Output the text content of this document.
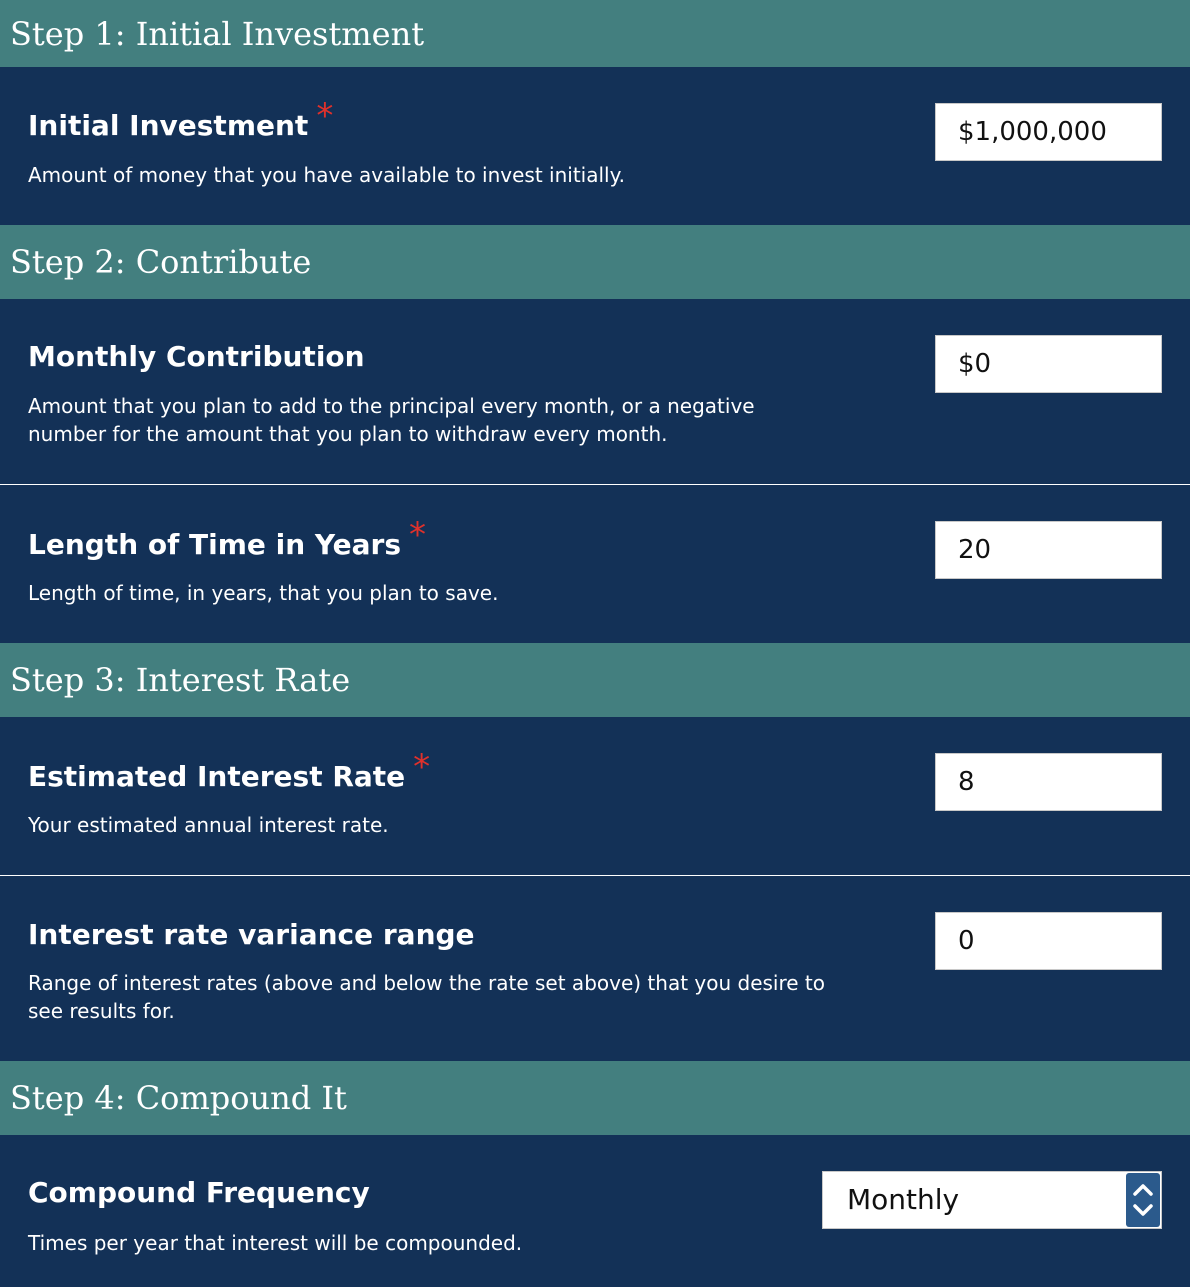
Step 1: Initial Investment
Initial Investment *
Amount of money that you have available to invest initially.
$1,000,000
Step 2: Contribute
Monthly Contribution
Amount that you plan to add to the principal every month, or a negative number for the amount that you plan to withdraw every month.
$0
Length of Time in Years *
Length of time, in years, that you plan to save.
20
Step 3: Interest Rate
Estimated Interest Rate *
Your estimated annual interest rate.
8
Interest rate variance range
Range of interest rates (above and below the rate set above) that you desire to see results for.
0
Step 4: Compound It
Compound Frequency
Times per year that interest will be compounded.
Monthly
